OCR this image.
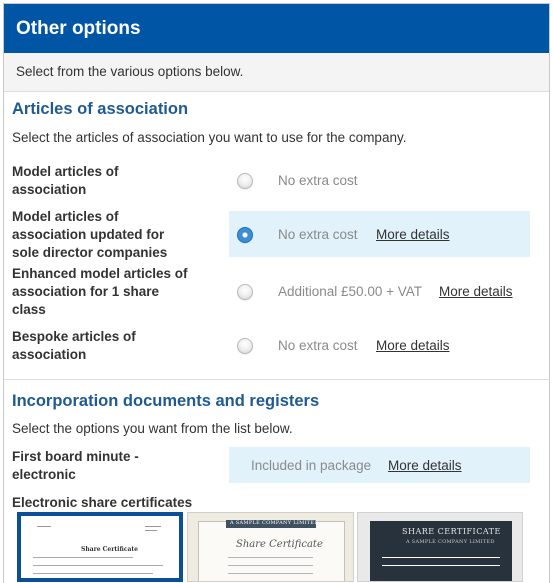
Other options
Select from the various options below.
Articles of association
Select the articles of association you want to use for the company.
Model articles of association
No extra cost
Model articles of association updated for sole director companies
No extra cost More details
Enhanced model articles of association for 1 share class
Additional £50.00 + VAT More details
Bespoke articles of association
No extra cost More details
Incorporation documents and registers
Select the options you want from the list below.
First board minute - electronic
Included in package More details
Electronic share certificates
Share Certificate
A SAMPLE COMPANY LIMITED
Share Certificate
SHARE CERTIFICATE
A SAMPLE COMPANY LIMITED
